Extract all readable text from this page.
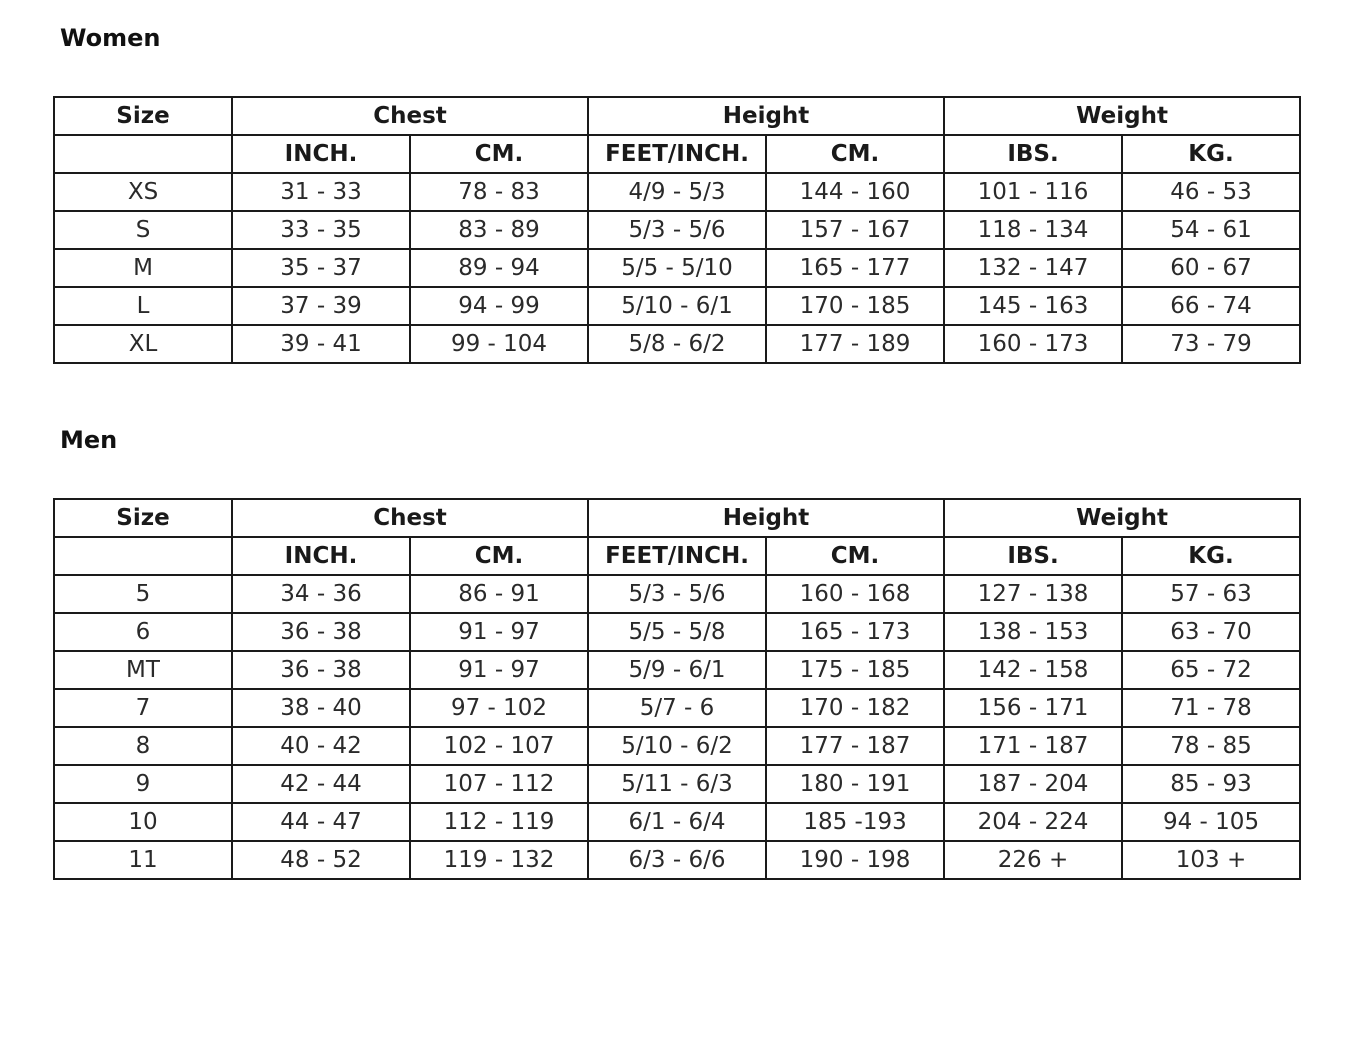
Women
Size	Chest		Height		Weight	
	INCH.	CM.	FEET/INCH.	CM.	IBS.	KG.
XS	31 - 33	78 - 83	4/9 - 5/3	144 - 160	101 - 116	46 - 53
S	33 - 35	83 - 89	5/3 - 5/6	157 - 167	118 - 134	54 - 61
M	35 - 37	89 - 94	5/5 - 5/10	165 - 177	132 - 147	60 - 67
L	37 - 39	94 - 99	5/10 - 6/1	170 - 185	145 - 163	66 - 74
XL	39 - 41	99 - 104	5/8 - 6/2	177 - 189	160 - 173	73 - 79
Men
Size	Chest		Height		Weight	
	INCH.	CM.	FEET/INCH.	CM.	IBS.	KG.
5	34 - 36	86 - 91	5/3 - 5/6	160 - 168	127 - 138	57 - 63
6	36 - 38	91 - 97	5/5 - 5/8	165 - 173	138 - 153	63 - 70
MT	36 - 38	91 - 97	5/9 - 6/1	175 - 185	142 - 158	65 - 72
7	38 - 40	97 - 102	5/7 - 6	170 - 182	156 - 171	71 - 78
8	40 - 42	102 - 107	5/10 - 6/2	177 - 187	171 - 187	78 - 85
9	42 - 44	107 - 112	5/11 - 6/3	180 - 191	187 - 204	85 - 93
10	44 - 47	112 - 119	6/1 - 6/4	185 -193	204 - 224	94 - 105
11	48 - 52	119 - 132	6/3 - 6/6	190 - 198	226 +	103 +
